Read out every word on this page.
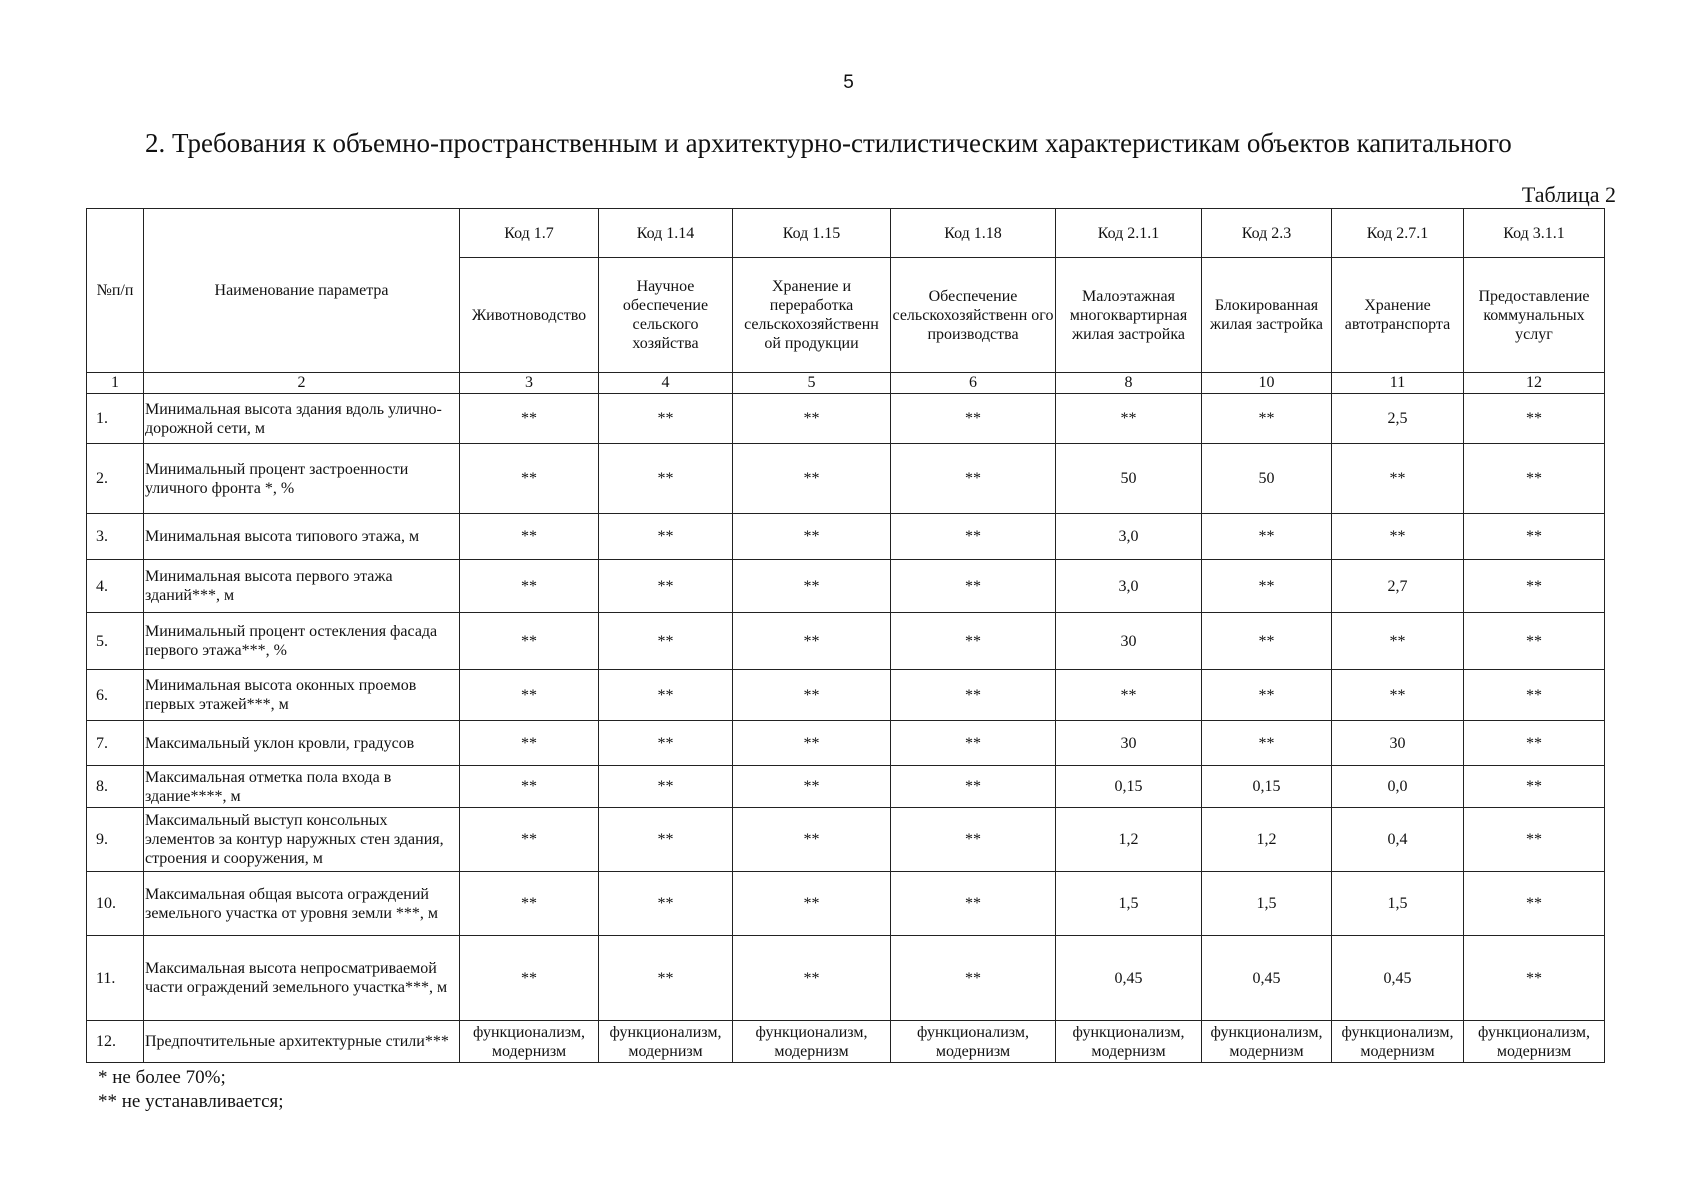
5
2. Требования к объемно-пространственным и архитектурно-стилистическим характеристикам объектов капитального
Таблица 2
№п/п	Наименование параметра	Код 1.7	Код 1.14	Код 1.15	Код 1.18	Код 2.1.1	Код 2.3	Код 2.7.1	Код 3.1.1
		Животноводство	Научное обеспечение сельского хозяйства	Хранение и переработка сельскохозяйственн ой продукции	Обеспечение сельскохозяйственн ого производства	Малоэтажная многоквартирная жилая застройка	Блокированная жилая застройка	Хранение автотранспорта	Предоставление коммунальных услуг
1	2	3	4	5	6	8	10	11	12
1.	Минимальная высота здания вдоль улично-дорожной сети, м	**	**	**	**	**	**	2,5	**
2.	Минимальный процент застроенности уличного фронта *, %	**	**	**	**	50	50	**	**
3.	Минимальная высота типового этажа, м	**	**	**	**	3,0	**	**	**
4.	Минимальная высота первого этажа зданий***, м	**	**	**	**	3,0	**	2,7	**
5.	Минимальный процент остекления фасада первого этажа***, %	**	**	**	**	30	**	**	**
6.	Минимальная высота оконных проемов первых этажей***, м	**	**	**	**	**	**	**	**
7.	Максимальный уклон кровли, градусов	**	**	**	**	30	**	30	**
8.	Максимальная отметка пола входа в здание****, м	**	**	**	**	0,15	0,15	0,0	**
9.	Максимальный выступ консольных элементов за контур наружных стен здания, строения и сооружения, м	**	**	**	**	1,2	1,2	0,4	**
10.	Максимальная общая высота ограждений земельного участка от уровня земли ***, м	**	**	**	**	1,5	1,5	1,5	**
11.	Максимальная высота непросматриваемой части ограждений земельного участка***, м	**	**	**	**	0,45	0,45	0,45	**
12.	Предпочтительные архитектурные стили***	функционализм, модернизм	функционализм, модернизм	функционализм, модернизм	функционализм, модернизм	функционализм, модернизм	функционализм, модернизм	функционализм, модернизм	функционализм, модернизм
* не более 70%;
** не устанавливается;
